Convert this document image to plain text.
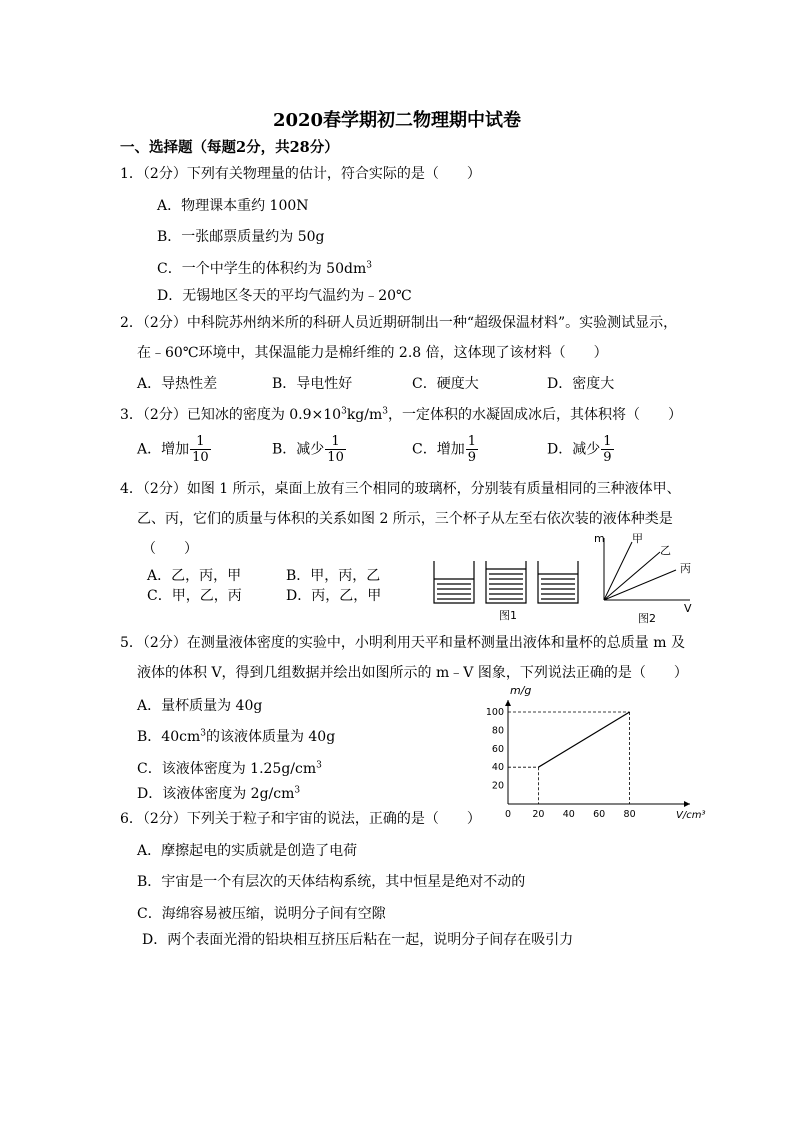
2020春学期初二物理期中试卷
一、选择题（每题2分，共28分）
1．（2分）下列有关物理量的估计，符合实际的是（　　）
A．物理课本重约 100N
B．一张邮票质量约为 50g
C．一个中学生的体积约为 $50dm^3$
D．无锡地区冬天的平均气温约为﹣20℃
2．（2分）中科院苏州纳米所的科研人员近期研制出一种“超级保温材料”。实验测试显示，
在﹣60℃环境中，其保温能力是棉纤维的 2.8 倍，这体现了该材料（　　）
A．导热性差	B．导电性好	C．硬度大	D．密度大
3．（2分）已知冰的密度为 $0.9\times 10^3kg/m^3$，一定体积的水凝固成冰后，其体积将（　　）
A．增加 $\frac{1}{10}$	B．减少 $\frac{1}{10}$	C．增加 $\frac{1}{9}$	D．减少 $\frac{1}{9}$
4．（2分）如图 1 所示，桌面上放有三个相同的玻璃杯，分别装有质量相同的三种液体甲、
乙、丙，它们的质量与体积的关系如图 2 所示，三个杯子从左至右依次装的液体种类是
（　　）
A．乙，丙，甲	B．甲，丙，乙
C．甲，乙，丙	D．丙，乙，甲
图1
m
V
甲
乙
丙
图2
5．（2分）在测量液体密度的实验中，小明利用天平和量杯测量出液体和量杯的总质量 m 及
液体的体积 V，得到几组数据并绘出如图所示的 m﹣V 图象，下列说法正确的是（　　）
A．量杯质量为 40g
B．$40cm^3$的该液体质量为 40g
C．该液体密度为 $1.25g/cm^3$
D．该液体密度为 $2g/cm^3$
0 20 40 60 80
20
40
60
80
100
m/g
V/cm³
6．（2分）下列关于粒子和宇宙的说法，正确的是（　　）
A．摩擦起电的实质就是创造了电荷
B．宇宙是一个有层次的天体结构系统，其中恒星是绝对不动的
C．海绵容易被压缩，说明分子间有空隙
D．两个表面光滑的铅块相互挤压后粘在一起，说明分子间存在吸引力
